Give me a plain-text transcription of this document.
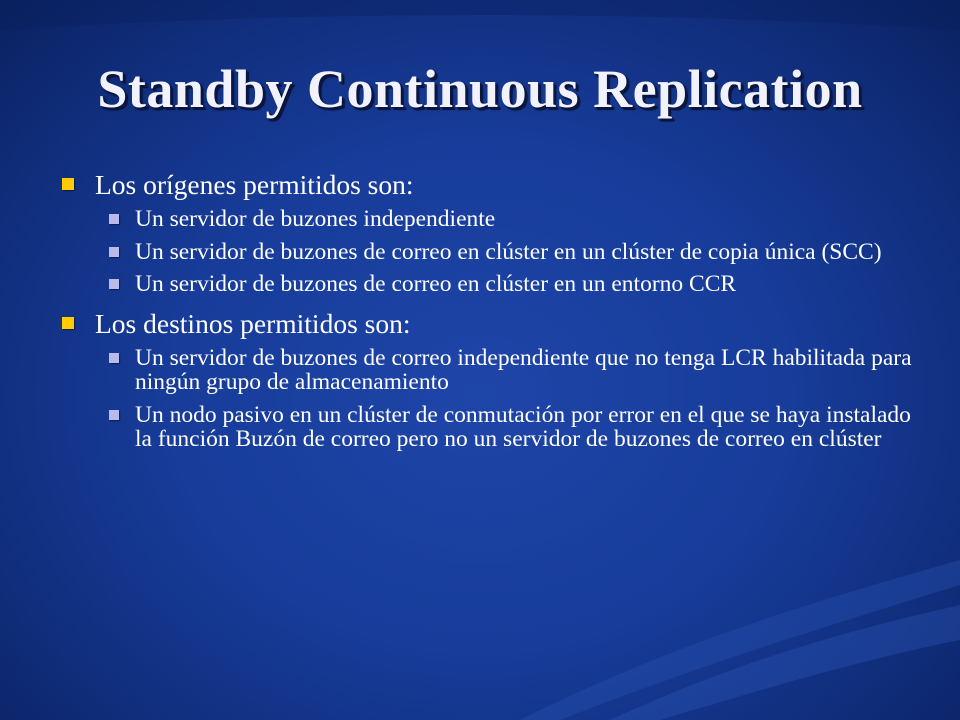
Standby Continuous Replication
Los orígenes permitidos son:
Un servidor de buzones independiente
Un servidor de buzones de correo en clúster en un clúster de copia única (SCC)
Un servidor de buzones de correo en clúster en un entorno CCR
Los destinos permitidos son:
Un servidor de buzones de correo independiente que no tenga LCR habilitada para ningún grupo de almacenamiento
Un nodo pasivo en un clúster de conmutación por error en el que se haya instalado la función Buzón de correo pero no un servidor de buzones de correo en clúster
